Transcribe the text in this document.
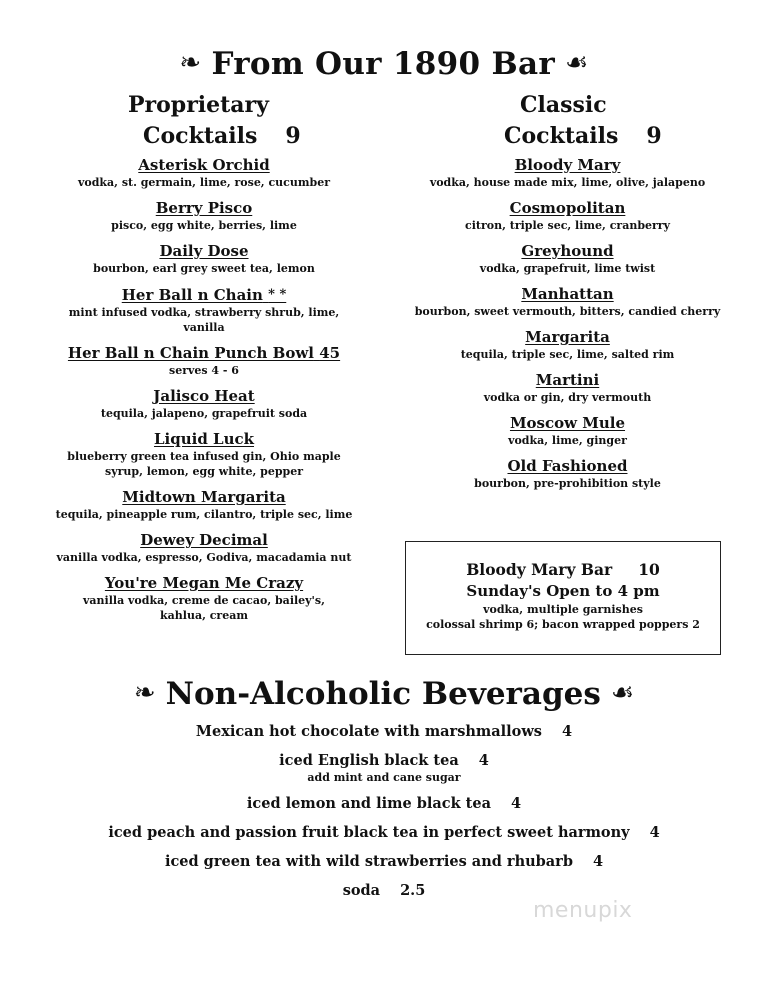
❧ From Our 1890 Bar ☙
Proprietary
Cocktails 9
Asterisk Orchid
vodka, st. germain, lime, rose, cucumber
Berry Pisco
pisco, egg white, berries, lime
Daily Dose
bourbon, earl grey sweet tea, lemon
Her Ball n Chain * *
mint infused vodka, strawberry shrub, lime, vanilla
Her Ball n Chain Punch Bowl 45
serves 4 - 6
Jalisco Heat
tequila, jalapeno, grapefruit soda
Liquid Luck
blueberry green tea infused gin, Ohio maple syrup, lemon, egg white, pepper
Midtown Margarita
tequila, pineapple rum, cilantro, triple sec, lime
Dewey Decimal
vanilla vodka, espresso, Godiva, macadamia nut
You're Megan Me Crazy
vanilla vodka, creme de cacao, bailey's, kahlua, cream
Classic
Cocktails 9
Bloody Mary
vodka, house made mix, lime, olive, jalapeno
Cosmopolitan
citron, triple sec, lime, cranberry
Greyhound
vodka, grapefruit, lime twist
Manhattan
bourbon, sweet vermouth, bitters, candied cherry
Margarita
tequila, triple sec, lime, salted rim
Martini
vodka or gin, dry vermouth
Moscow Mule
vodka, lime, ginger
Old Fashioned
bourbon, pre-prohibition style
Bloody Mary Bar 10
Sunday's Open to 4 pm
vodka, multiple garnishes
colossal shrimp 6; bacon wrapped poppers 2
❧ Non-Alcoholic Beverages ☙
Mexican hot chocolate with marshmallows 4
iced English black tea 4
add mint and cane sugar
iced lemon and lime black tea 4
iced peach and passion fruit black tea in perfect sweet harmony 4
iced green tea with wild strawberries and rhubarb 4
soda 2.5
menupix
